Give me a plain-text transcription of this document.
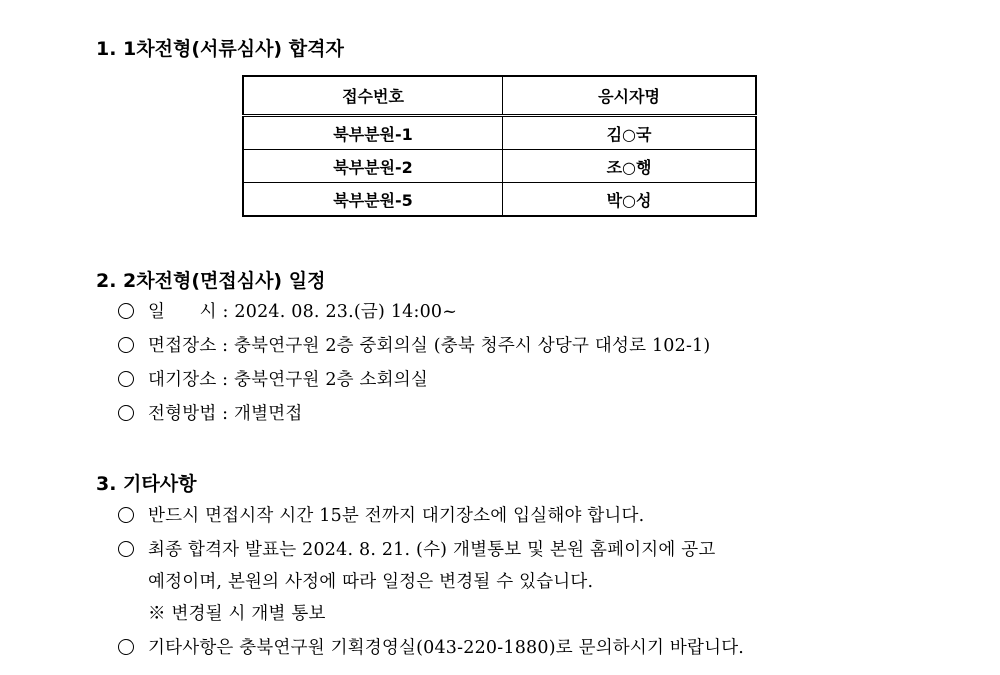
1. 1차전형(서류심사) 합격자
접수번호	응시자명
북부분원-1	김○국
북부분원-2	조○행
북부분원-5	박○성
2. 2차전형(면접심사) 일정
일      시 : 2024. 08. 23.(금) 14:00~
면접장소 : 충북연구원 2층 중회의실 (충북 청주시 상당구 대성로 102-1)
대기장소 : 충북연구원 2층 소회의실
전형방법 : 개별면접
3. 기타사항
반드시 면접시작 시간 15분 전까지 대기장소에 입실해야 합니다.
최종 합격자 발표는 2024. 8. 21. (수) 개별통보 및 본원 홈페이지에 공고
예정이며, 본원의 사정에 따라 일정은 변경될 수 있습니다.
※ 변경될 시 개별 통보
기타사항은 충북연구원 기획경영실(043-220-1880)로 문의하시기 바랍니다.
